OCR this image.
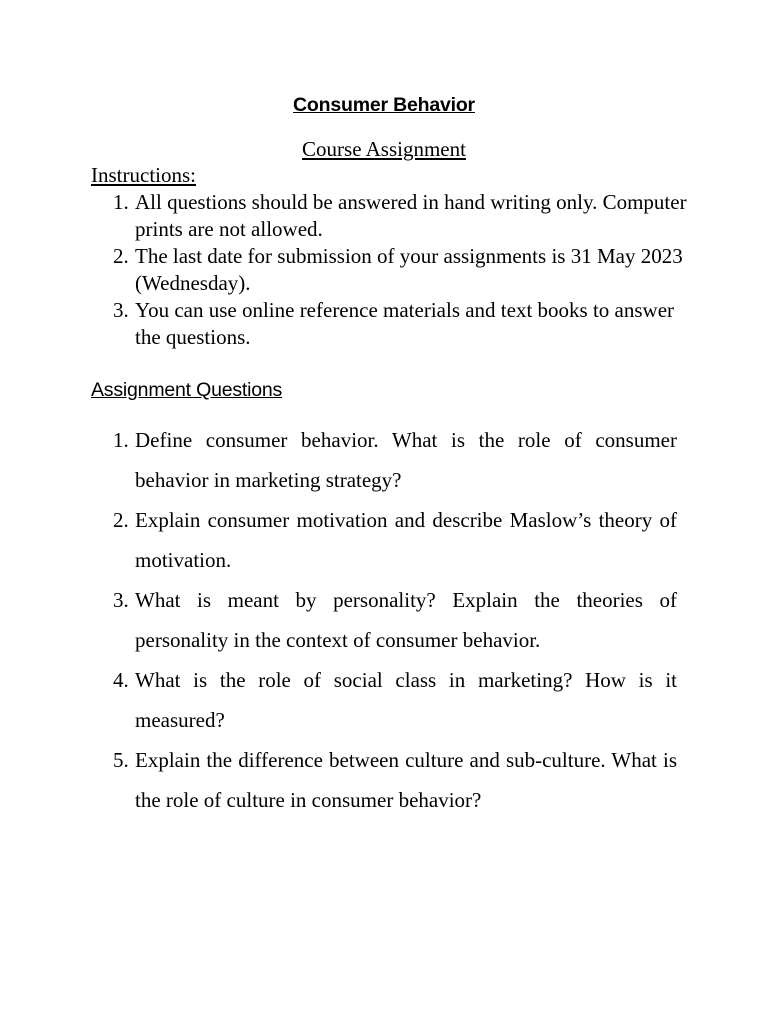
Consumer Behavior
Course Assignment
Instructions:
1. All questions should be answered in hand writing only. Computer prints are not allowed.
2. The last date for submission of your assignments is 31 May 2023 (Wednesday).
3. You can use online reference materials and text books to answer the questions.
Assignment Questions
1. Define consumer behavior. What is the role of consumer behavior in marketing strategy?
2. Explain consumer motivation and describe Maslow’s theory of motivation.
3. What is meant by personality? Explain the theories of personality in the context of consumer behavior.
4. What is the role of social class in marketing? How is it measured?
5. Explain the difference between culture and sub-culture. What is the role of culture in consumer behavior?
